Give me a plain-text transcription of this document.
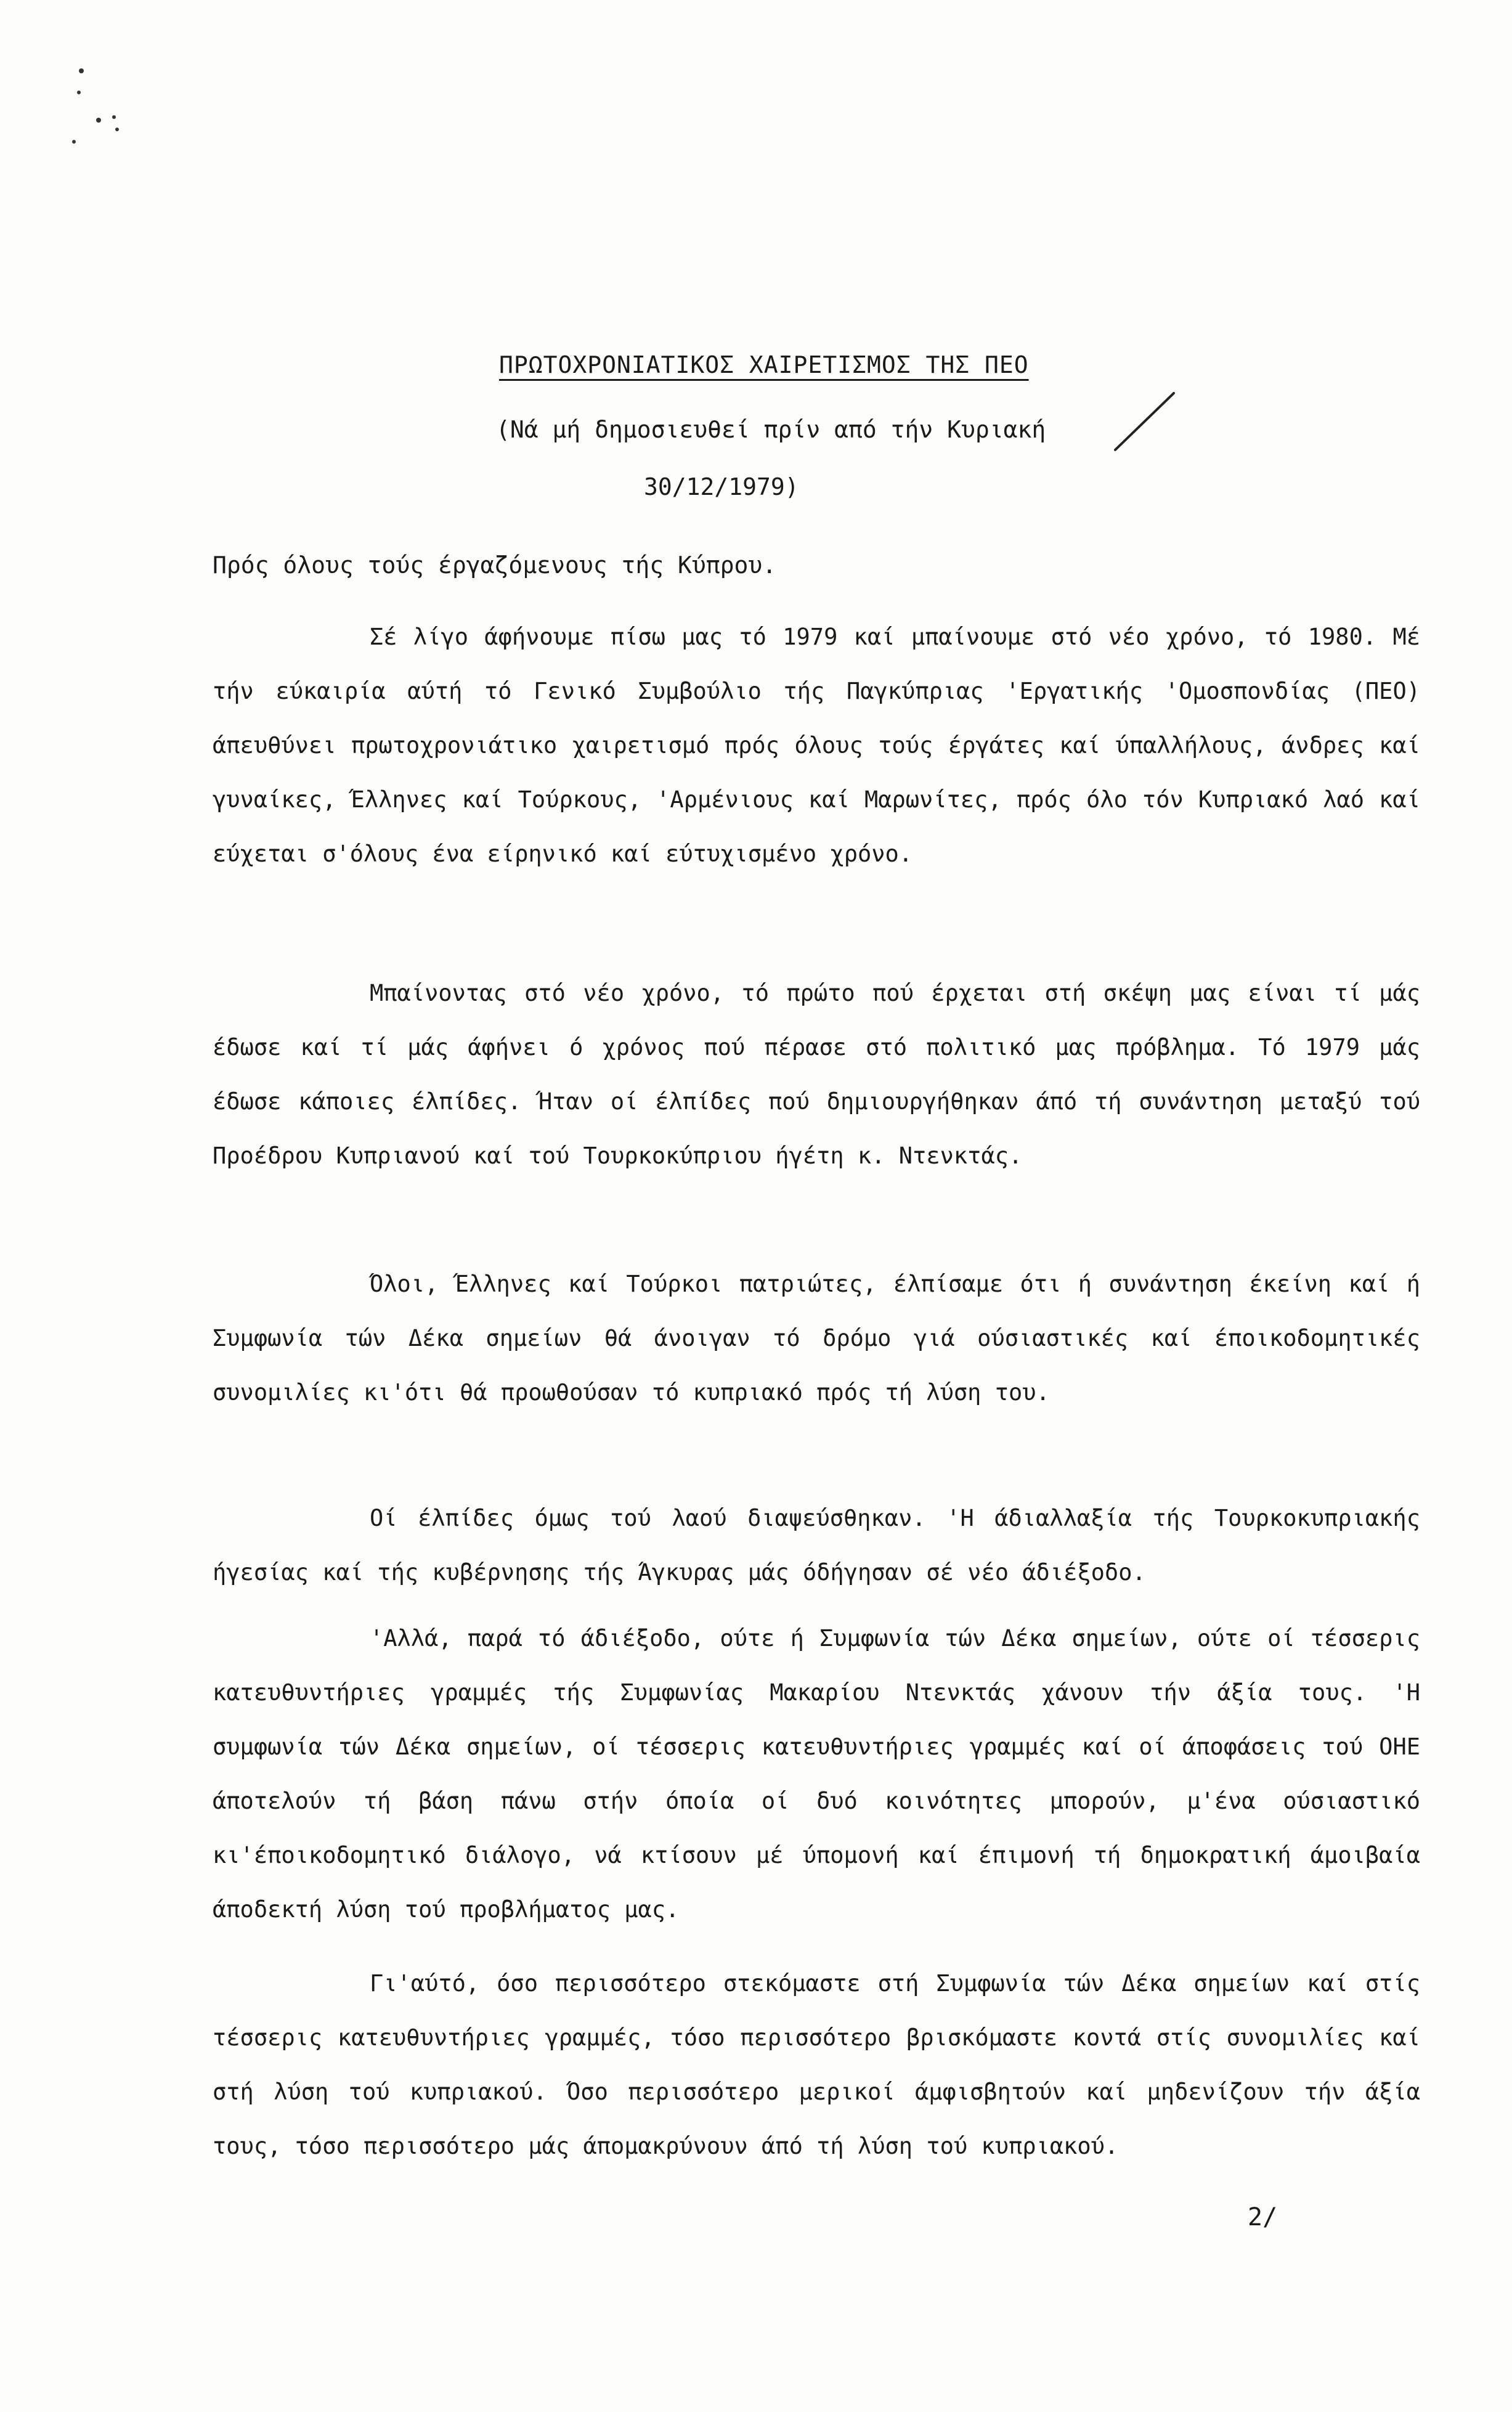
ΠΡΩΤΟΧΡΟΝΙΑΤΙΚΟΣ ΧΑΙΡΕΤΙΣΜΟΣ ΤΗΣ ΠΕΟ
(Νά μή δημοσιευθεί πρίν από τήν Κυριακή
30/12/1979)
Πρός όλους τούς έργαζόμενους τής Κύπρου.

Σέ λίγο άφήνουμε πίσω μας τό 1979 καί μπαίνουμε στό νέο χρόνο, τό 1980. Μέ τήν εύκαιρία αύτή τό Γενικό Συμβούλιο τής Παγκύπριας 'Εργατικής 'Ομοσπονδίας (ΠΕΟ) άπευθύνει πρωτοχρονιάτικο χαιρετισμό πρός όλους τούς έργάτες καί ύπαλλήλους, άνδρες καί γυναίκες, Έλληνες καί Τούρκους, 'Αρμένιους καί Μαρωνίτες, πρός όλο τόν Κυπριακό λαό καί εύχεται σ'όλους ένα είρηνικό καί εύτυχισμένο χρόνο.

Μπαίνοντας στό νέο χρόνο, τό πρώτο πού έρχεται στή σκέψη μας είναι τί μάς έδωσε καί τί μάς άφήνει ό χρόνος πού πέρασε στό πολιτικό μας πρόβλημα. Τό 1979 μάς έδωσε κάποιες έλπίδες. Ήταν οί έλπίδες πού δημιουργήθηκαν άπό τή συνάντηση μεταξύ τού Προέδρου Κυπριανού καί τού Τουρκοκύπριου ήγέτη κ. Ντενκτάς.

Όλοι, Έλληνες καί Τούρκοι πατριώτες, έλπίσαμε ότι ή συνάντηση έκείνη καί ή Συμφωνία τών Δέκα σημείων θά άνοιγαν τό δρόμο γιά ούσιαστικές καί έποικοδομητικές συνομιλίες κι'ότι θά προωθούσαν τό κυπριακό πρός τή λύση του.

Οί έλπίδες όμως τού λαού διαψεύσθηκαν. 'Η άδιαλλαξία τής Τουρκοκυπριακής ήγεσίας καί τής κυβέρνησης τής Άγκυρας μάς όδήγησαν σέ νέο άδιέξοδο.

'Αλλά, παρά τό άδιέξοδο, ούτε ή Συμφωνία τών Δέκα σημείων, ούτε οί τέσσερις κατευθυντήριες γραμμές τής Συμφωνίας Μακαρίου Ντενκτάς χάνουν τήν άξία τους. 'Η συμφωνία τών Δέκα σημείων, οί τέσσερις κατευθυντήριες γραμμές καί οί άποφάσεις τού ΟΗΕ άποτελούν τή βάση πάνω στήν όποία οί δυό κοινότητες μπορούν, μ'ένα ούσιαστικό κι'έποικοδομητικό διάλογο, νά κτίσουν μέ ύπομονή καί έπιμονή τή δημοκρατική άμοιβαία άποδεκτή λύση τού προβλήματος μας.

Γι'αύτό, όσο περισσότερο στεκόμαστε στή Συμφωνία τών Δέκα σημείων καί στίς τέσσερις κατευθυντήριες γραμμές, τόσο περισσότερο βρισκόμαστε κοντά στίς συνομιλίες καί στή λύση τού κυπριακού. Όσο περισσότερο μερικοί άμφισβητούν καί μηδενίζουν τήν άξία τους, τόσο περισσότερο μάς άπομακρύνουν άπό τή λύση τού κυπριακού.

2/
